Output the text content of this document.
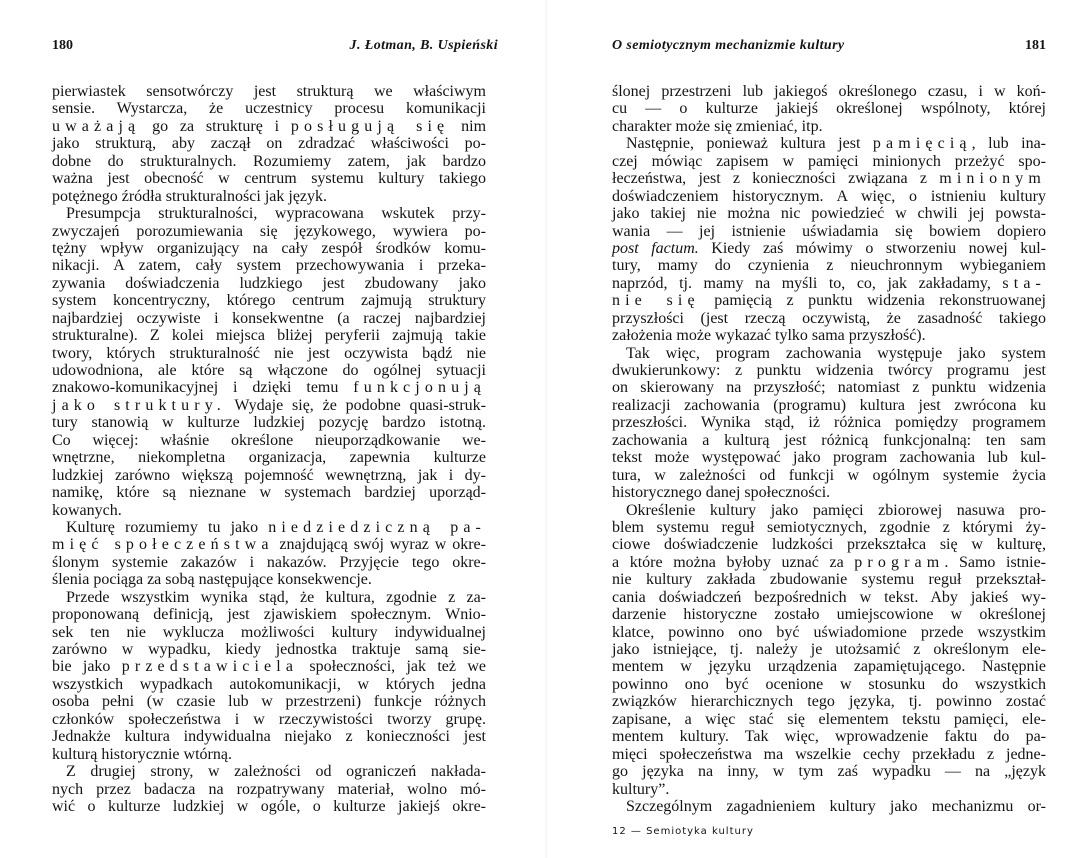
180	J. Łotman, B. Uspieński
pierwiastek sensotwórczy jest strukturą we właściwym
sensie. Wystarcza, że uczestnicy procesu komunikacji
uważają go za strukturę i posługują się nim
jako strukturą, aby zaczął on zdradzać właściwości po-
dobne do strukturalnych. Rozumiemy zatem, jak bardzo
ważna jest obecność w centrum systemu kultury takiego
potężnego źródła strukturalności jak język.
Presumpcja strukturalności, wypracowana wskutek przy-
zwyczajeń porozumiewania się językowego, wywiera po-
tężny wpływ organizujący na cały zespół środków komu-
nikacji. A zatem, cały system przechowywania i przeka-
zywania doświadczenia ludzkiego jest zbudowany jako
system koncentryczny, którego centrum zajmują struktury
najbardziej oczywiste i konsekwentne (a raczej najbardziej
strukturalne). Z kolei miejsca bliżej peryferii zajmują takie
twory, których strukturalność nie jest oczywista bądź nie
udowodniona, ale które są włączone do ogólnej sytuacji
znakowo-komunikacyjnej i dzięki temu funkcjonują
jako struktury. Wydaje się, że podobne quasi-struk-
tury stanowią w kulturze ludzkiej pozycję bardzo istotną.
Co więcej: właśnie określone nieuporządkowanie we-
wnętrzne, niekompletna organizacja, zapewnia kulturze
ludzkiej zarówno większą pojemność wewnętrzną, jak i dy-
namikę, które są nieznane w systemach bardziej uporząd-
kowanych.
Kulturę rozumiemy tu jako niedziedziczną pa-
mięć społeczeństwa znajdującą swój wyraz w okre-
ślonym systemie zakazów i nakazów. Przyjęcie tego okre-
ślenia pociąga za sobą następujące konsekwencje.
Przede wszystkim wynika stąd, że kultura, zgodnie z za-
proponowaną definicją, jest zjawiskiem społecznym. Wnio-
sek ten nie wyklucza możliwości kultury indywidualnej
zarówno w wypadku, kiedy jednostka traktuje samą sie-
bie jako przedstawiciela społeczności, jak też we
wszystkich wypadkach autokomunikacji, w których jedna
osoba pełni (w czasie lub w przestrzeni) funkcje różnych
członków społeczeństwa i w rzeczywistości tworzy grupę.
Jednakże kultura indywidualna niejako z konieczności jest
kulturą historycznie wtórną.
Z drugiej strony, w zależności od ograniczeń nakłada-
nych przez badacza na rozpatrywany materiał, wolno mó-
wić o kulturze ludzkiej w ogóle, o kulturze jakiejś okre-
O semiotycznym mechanizmie kultury	181
ślonej przestrzeni lub jakiegoś określonego czasu, i w koń-
cu — o kulturze jakiejś określonej wspólnoty, której
charakter może się zmieniać, itp.
Następnie, ponieważ kultura jest pamięcią, lub ina-
czej mówiąc zapisem w pamięci minionych przeżyć spo-
łeczeństwa, jest z konieczności związana z minionym
doświadczeniem historycznym. A więc, o istnieniu kultury
jako takiej nie można nic powiedzieć w chwili jej powsta-
wania — jej istnienie uświadamia się bowiem dopiero
post factum. Kiedy zaś mówimy o stworzeniu nowej kul-
tury, mamy do czynienia z nieuchronnym wybieganiem
naprzód, tj. mamy na myśli to, co, jak zakładamy, sta-
nie się pamięcią z punktu widzenia rekonstruowanej
przyszłości (jest rzeczą oczywistą, że zasadność takiego
założenia może wykazać tylko sama przyszłość).
Tak więc, program zachowania występuje jako system
dwukierunkowy: z punktu widzenia twórcy programu jest
on skierowany na przyszłość; natomiast z punktu widzenia
realizacji zachowania (programu) kultura jest zwrócona ku
przeszłości. Wynika stąd, iż różnica pomiędzy programem
zachowania a kulturą jest różnicą funkcjonalną: ten sam
tekst może występować jako program zachowania lub kul-
tura, w zależności od funkcji w ogólnym systemie życia
historycznego danej społeczności.
Określenie kultury jako pamięci zbiorowej nasuwa pro-
blem systemu reguł semiotycznych, zgodnie z którymi ży-
ciowe doświadczenie ludzkości przekształca się w kulturę,
a które można byłoby uznać za program. Samo istnie-
nie kultury zakłada zbudowanie systemu reguł przekształ-
cania doświadczeń bezpośrednich w tekst. Aby jakieś wy-
darzenie historyczne zostało umiejscowione w określonej
klatce, powinno ono być uświadomione przede wszystkim
jako istniejące, tj. należy je utożsamić z określonym ele-
mentem w języku urządzenia zapamiętującego. Następnie
powinno ono być ocenione w stosunku do wszystkich
związków hierarchicznych tego języka, tj. powinno zostać
zapisane, a więc stać się elementem tekstu pamięci, ele-
mentem kultury. Tak więc, wprowadzenie faktu do pa-
mięci społeczeństwa ma wszelkie cechy przekładu z jedne-
go języka na inny, w tym zaś wypadku — na „język
kultury”.
Szczególnym zagadnieniem kultury jako mechanizmu or-
12 — Semiotyka kultury
